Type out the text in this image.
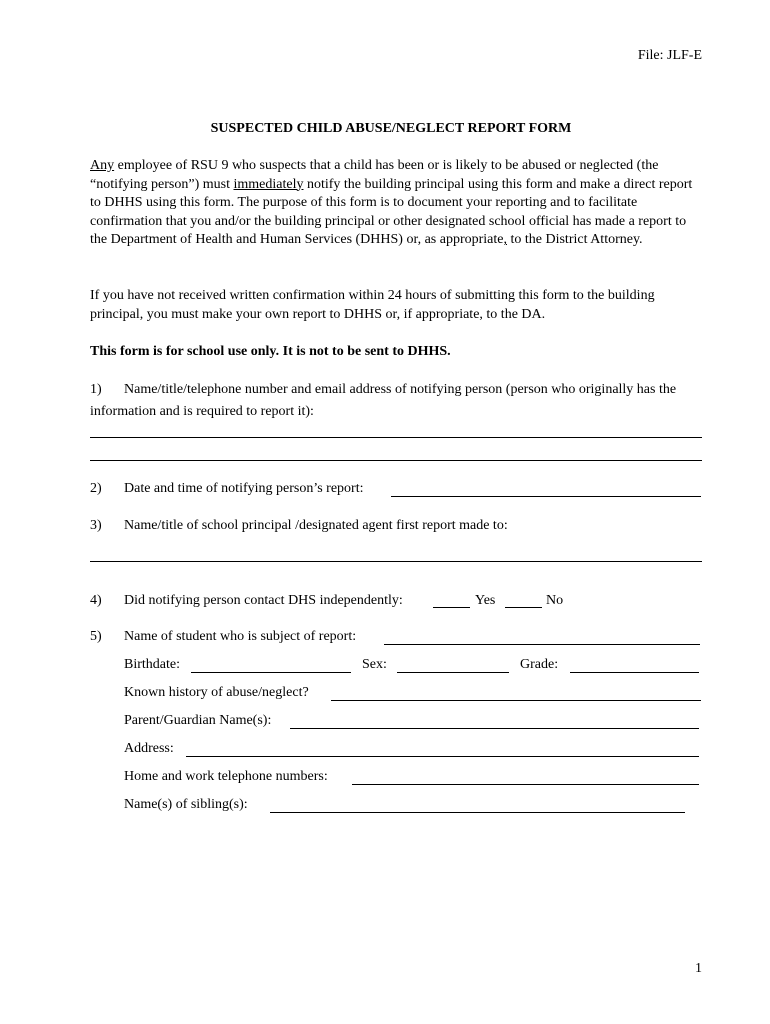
File: JLF-E
SUSPECTED CHILD ABUSE/NEGLECT REPORT FORM
Any employee of RSU 9 who suspects that a child has been or is likely to be abused or neglected (the “notifying person”) must immediately notify the building principal using this form and make a direct report to DHHS using this form. The purpose of this form is to document your reporting and to facilitate confirmation that you and/or the building principal or other designated school official has made a report to the Department of Health and Human Services (DHHS) or, as appropriate, to the District Attorney.
If you have not received written confirmation within 24 hours of submitting this form to the building principal, you must make your own report to DHHS or, if appropriate, to the DA.
This form is for school use only. It is not to be sent to DHHS.
1) Name/title/telephone number and email address of notifying person (person who originally has the information and is required to report it):
2) Date and time of notifying person’s report:
3) Name/title of school principal /designated agent first report made to:
4) Did notifying person contact DHS independently:	Yes	No
5) Name of student who is subject of report:
Birthdate:	Sex:	Grade:
Known history of abuse/neglect?
Parent/Guardian Name(s):
Address:
Home and work telephone numbers:
Name(s) of sibling(s):
1
